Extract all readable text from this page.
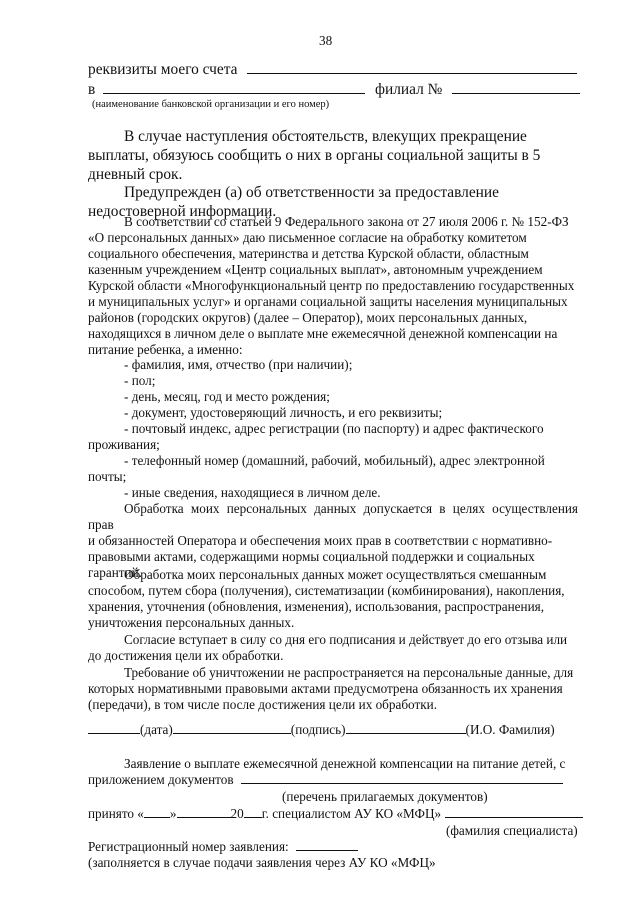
38
реквизиты моего счета
в	филиал №
(наименование банковской организации и его номер)
В случае наступления обстоятельств, влекущих прекращение
выплаты, обязуюсь сообщить о них в органы социальной защиты в 5
дневный срок.
Предупрежден (а) об ответственности за предоставление
недостоверной информации.
В соответствии со статьей 9 Федерального закона от 27 июля 2006 г. № 152-ФЗ
«О персональных данных» даю письменное согласие на обработку комитетом
социального обеспечения, материнства и детства Курской области, областным
казенным учреждением «Центр социальных выплат», автономным учреждением
Курской области «Многофункциональный центр по предоставлению государственных
и муниципальных услуг» и органами социальной защиты населения муниципальных
районов (городских округов) (далее – Оператор), моих персональных данных,
находящихся в личном деле о выплате мне ежемесячной денежной компенсации на
питание ребенка, а именно:
- фамилия, имя, отчество (при наличии);
- пол;
- день, месяц, год и место рождения;
- документ, удостоверяющий личность, и его реквизиты;
- почтовый индекс, адрес регистрации (по паспорту) и адрес фактического
проживания;
- телефонный номер (домашний, рабочий, мобильный), адрес электронной
почты;
- иные сведения, находящиеся в личном деле.
Обработка моих персональных данных допускается в целях осуществления прав
и обязанностей Оператора и обеспечения моих прав в соответствии с нормативно-
правовыми актами, содержащими нормы социальной поддержки и социальных
гарантий.
Обработка моих персональных данных может осуществляться смешанным
способом, путем сбора (получения), систематизации (комбинирования), накопления,
хранения, уточнения (обновления, изменения), использования, распространения,
уничтожения персональных данных.
Согласие вступает в силу со дня его подписания и действует до его отзыва или
до достижения цели их обработки.
Требование об уничтожении не распространяется на персональные данные, для
которых нормативными правовыми актами предусмотрена обязанность их хранения
(передачи), в том числе после достижения цели их обработки.
(дата)	(подпись)	(И.О. Фамилия)
Заявление о выплате ежемесячной денежной компенсации на питание детей, с
приложением документов
(перечень прилагаемых документов)
принято « »	20 г. специалистом АУ КО «МФЦ»
(фамилия специалиста)
Регистрационный номер заявления:
(заполняется в случае подачи заявления через АУ КО «МФЦ»
